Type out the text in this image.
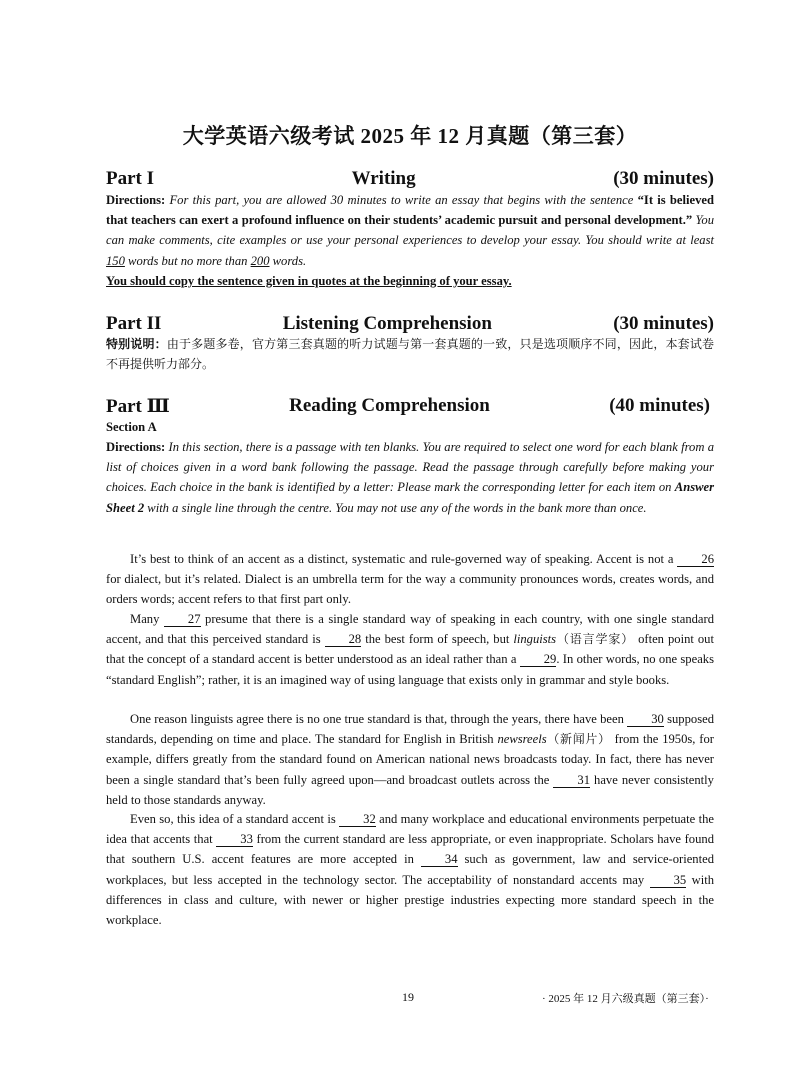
大学英语六级考试 2025 年 12 月真题（第三套）
Part I	Writing	(30 minutes)
Directions: For this part, you are allowed 30 minutes to write an essay that begins with the sentence “It is believed that teachers can exert a profound influence on their students’ academic pursuit and personal development.” You can make comments, cite examples or use your personal experiences to develop your essay. You should write at least 150 words but no more than 200 words.
You should copy the sentence given in quotes at the beginning of your essay.
Part II	Listening Comprehension	(30 minutes)
特别说明：由于多题多卷，官方第三套真题的听力试题与第一套真题的一致，只是选项顺序不同，因此，本套试卷不再提供听力部分。
Part Ⅲ	Reading Comprehension	(40 minutes)
Section A
Directions: In this section, there is a passage with ten blanks. You are required to select one word for each blank from a list of choices given in a word bank following the passage. Read the passage through carefully before making your choices. Each choice in the bank is identified by a letter: Please mark the corresponding letter for each item on Answer Sheet 2 with a single line through the centre. You may not use any of the words in the bank more than once.
It’s best to think of an accent as a distinct, systematic and rule-governed way of speaking. Accent is not a 26 for dialect, but it’s related. Dialect is an umbrella term for the way a community pronounces words, creates words, and orders words; accent refers to that first part only.
Many 27 presume that there is a single standard way of speaking in each country, with one single standard accent, and that this perceived standard is 28 the best form of speech, but linguists（语言学家） often point out that the concept of a standard accent is better understood as an ideal rather than a 29. In other words, no one speaks “standard English”; rather, it is an imagined way of using language that exists only in grammar and style books.
One reason linguists agree there is no one true standard is that, through the years, there have been 30 supposed standards, depending on time and place. The standard for English in British newsreels（新闻片） from the 1950s, for example, differs greatly from the standard found on American national news broadcasts today. In fact, there has never been a single standard that’s been fully agreed upon—and broadcast outlets across the 31 have never consistently held to those standards anyway.
Even so, this idea of a standard accent is 32 and many workplace and educational environments perpetuate the idea that accents that 33 from the current standard are less appropriate, or even inappropriate. Scholars have found that southern U.S. accent features are more accepted in 34 such as government, law and service-oriented workplaces, but less accepted in the technology sector. The acceptability of nonstandard accents may 35 with differences in class and culture, with newer or higher prestige industries expecting more standard speech in the workplace.
19	· 2025 年 12 月六级真题（第三套）·
